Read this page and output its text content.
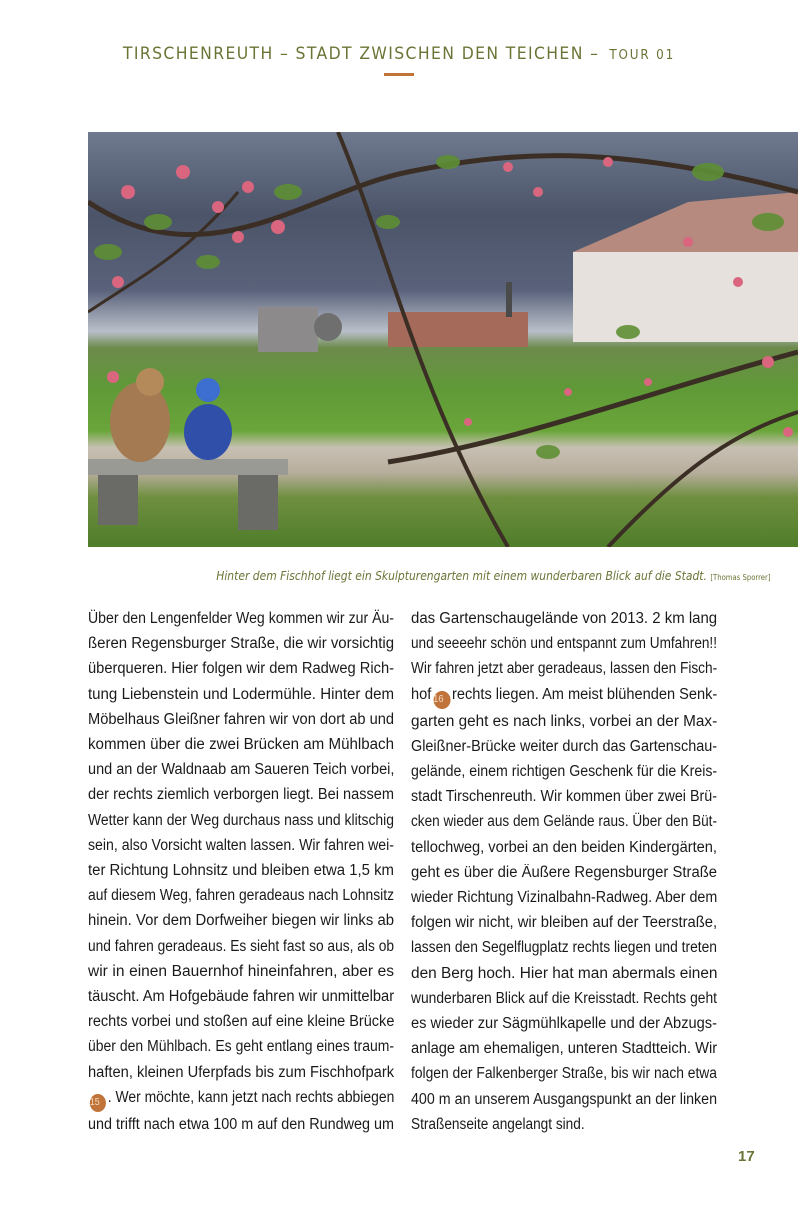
TIRSCHENREUTH – STADT ZWISCHEN DEN TEICHEN – TOUR 01
Hinter dem Fischhof liegt ein Skulpturengarten mit einem wunderbaren Blick auf die Stadt. [Thomas Sporrer]
Über den Lengenfelder Weg kommen wir zur Äu-
ßeren Regensburger Straße, die wir vorsichtig
überqueren. Hier folgen wir dem Radweg Rich-
tung Liebenstein und Lodermühle. Hinter dem
Möbelhaus Gleißner fahren wir von dort ab und
kommen über die zwei Brücken am Mühlbach
und an der Waldnaab am Saueren Teich vorbei,
der rechts ziemlich verborgen liegt. Bei nassem
Wetter kann der Weg durchaus nass und klitschig
sein, also Vorsicht walten lassen. Wir fahren wei-
ter Richtung Lohnsitz und bleiben etwa 1,5 km
auf diesem Weg, fahren geradeaus nach Lohnsitz
hinein. Vor dem Dorfweiher biegen wir links ab
und fahren geradeaus. Es sieht fast so aus, als ob
wir in einen Bauernhof hineinfahren, aber es
täuscht. Am Hofgebäude fahren wir unmittelbar
rechts vorbei und stoßen auf eine kleine Brücke
über den Mühlbach. Es geht entlang eines traum-
haften, kleinen Uferpfads bis zum Fischhofpark
15 . Wer möchte, kann jetzt nach rechts abbiegen
und trifft nach etwa 100 m auf den Rundweg um
das Gartenschaugelände von 2013. 2 km lang
und seeeehr schön und entspannt zum Umfahren!!
Wir fahren jetzt aber geradeaus, lassen den Fisch-
hof 16 rechts liegen. Am meist blühenden Senk-
garten geht es nach links, vorbei an der Max-
Gleißner-Brücke weiter durch das Gartenschau-
gelände, einem richtigen Geschenk für die Kreis-
stadt Tirschenreuth. Wir kommen über zwei Brü-
cken wieder aus dem Gelände raus. Über den Büt-
tellochweg, vorbei an den beiden Kindergärten,
geht es über die Äußere Regensburger Straße
wieder Richtung Vizinalbahn-Radweg. Aber dem
folgen wir nicht, wir bleiben auf der Teerstraße,
lassen den Segelflugplatz rechts liegen und treten
den Berg hoch. Hier hat man abermals einen
wunderbaren Blick auf die Kreisstadt. Rechts geht
es wieder zur Sägmühlkapelle und der Abzugs-
anlage am ehemaligen, unteren Stadtteich. Wir
folgen der Falkenberger Straße, bis wir nach etwa
400 m an unserem Ausgangspunkt an der linken
Straßenseite angelangt sind.
17
